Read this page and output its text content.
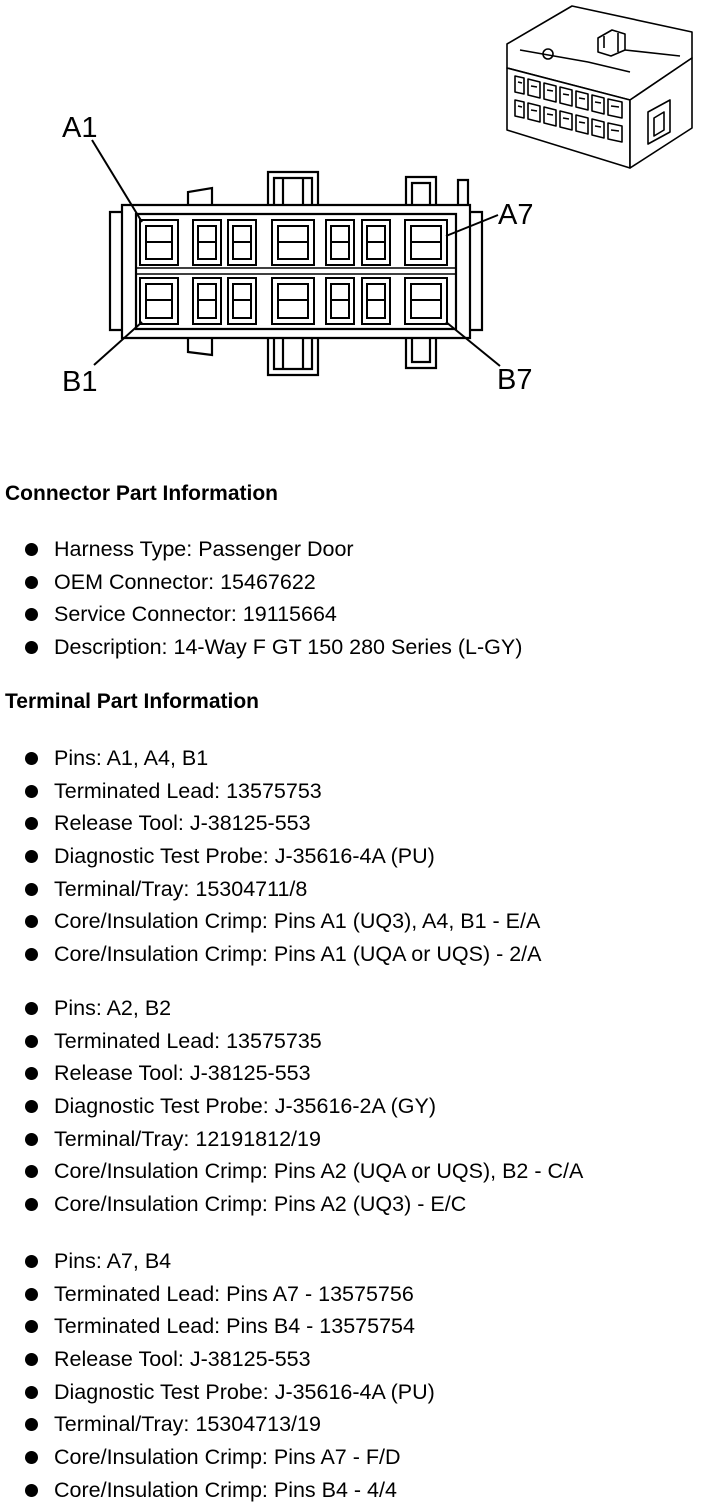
A1
A7
B1	B7
Connector Part Information
Harness Type: Passenger Door
OEM Connector: 15467622
Service Connector: 19115664
Description: 14-Way F GT 150 280 Series (L-GY)
Terminal Part Information
Pins: A1, A4, B1
Terminated Lead: 13575753
Release Tool: J-38125-553
Diagnostic Test Probe: J-35616-4A (PU)
Terminal/Tray: 15304711/8
Core/Insulation Crimp: Pins A1 (UQ3), A4, B1 - E/A
Core/Insulation Crimp: Pins A1 (UQA or UQS) - 2/A
Pins: A2, B2
Terminated Lead: 13575735
Release Tool: J-38125-553
Diagnostic Test Probe: J-35616-2A (GY)
Terminal/Tray: 12191812/19
Core/Insulation Crimp: Pins A2 (UQA or UQS), B2 - C/A
Core/Insulation Crimp: Pins A2 (UQ3) - E/C
Pins: A7, B4
Terminated Lead: Pins A7 - 13575756
Terminated Lead: Pins B4 - 13575754
Release Tool: J-38125-553
Diagnostic Test Probe: J-35616-4A (PU)
Terminal/Tray: 15304713/19
Core/Insulation Crimp: Pins A7 - F/D
Core/Insulation Crimp: Pins B4 - 4/4
